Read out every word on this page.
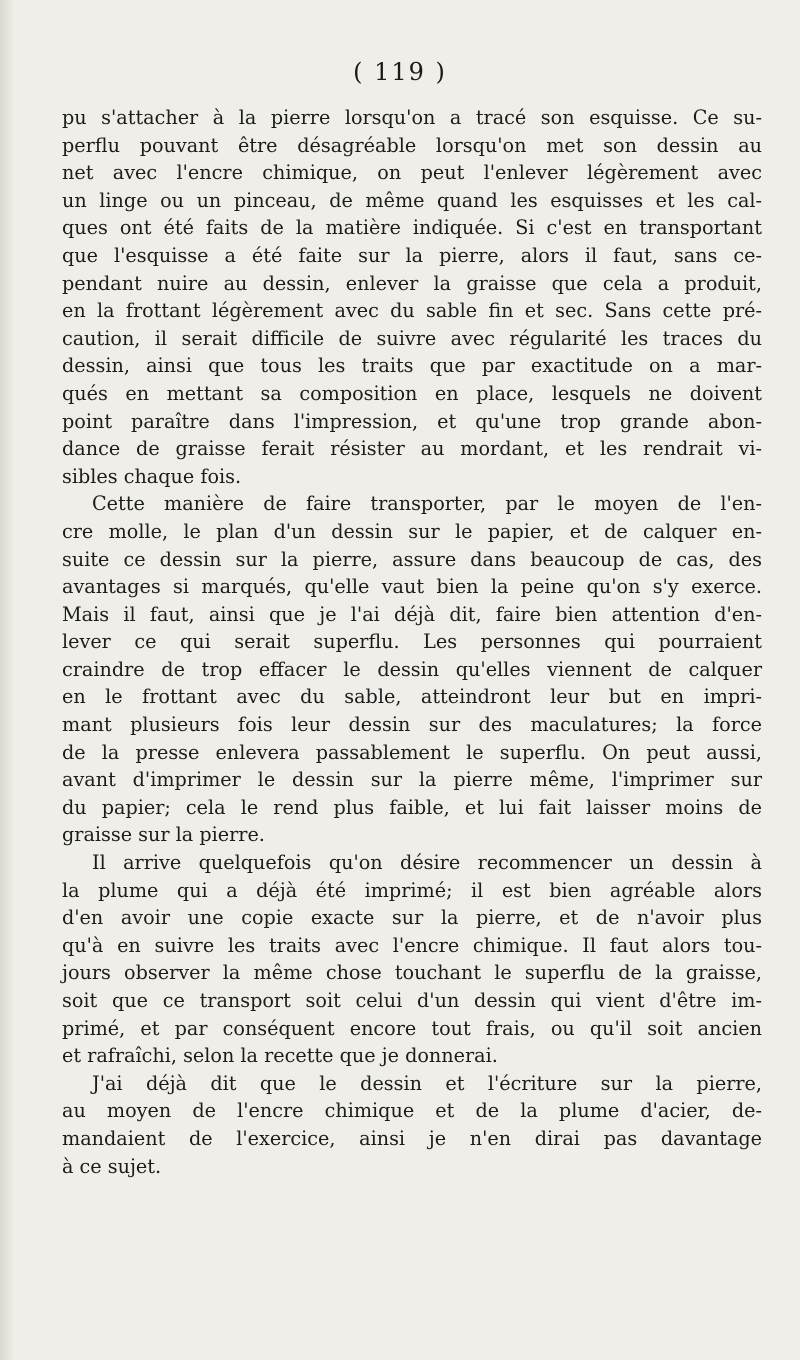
( 119 )
pu s'attacher à la pierre lorsqu'on a tracé son esquisse. Ce su-
perflu pouvant être désagréable lorsqu'on met son dessin au
net avec l'encre chimique, on peut l'enlever légèrement avec
un linge ou un pinceau, de même quand les esquisses et les cal-
ques ont été faits de la matière indiquée. Si c'est en transportant
que l'esquisse a été faite sur la pierre, alors il faut, sans ce-
pendant nuire au dessin, enlever la graisse que cela a produit,
en la frottant légèrement avec du sable fin et sec. Sans cette pré-
caution, il serait difficile de suivre avec régularité les traces du
dessin, ainsi que tous les traits que par exactitude on a mar-
qués en mettant sa composition en place, lesquels ne doivent
point paraître dans l'impression, et qu'une trop grande abon-
dance de graisse ferait résister au mordant, et les rendrait vi-
sibles chaque fois.
Cette manière de faire transporter, par le moyen de l'en-
cre molle, le plan d'un dessin sur le papier, et de calquer en-
suite ce dessin sur la pierre, assure dans beaucoup de cas, des
avantages si marqués, qu'elle vaut bien la peine qu'on s'y exerce.
Mais il faut, ainsi que je l'ai déjà dit, faire bien attention d'en-
lever ce qui serait superflu. Les personnes qui pourraient
craindre de trop effacer le dessin qu'elles viennent de calquer
en le frottant avec du sable, atteindront leur but en impri-
mant plusieurs fois leur dessin sur des maculatures; la force
de la presse enlevera passablement le superflu. On peut aussi,
avant d'imprimer le dessin sur la pierre même, l'imprimer sur
du papier; cela le rend plus faible, et lui fait laisser moins de
graisse sur la pierre.
Il arrive quelquefois qu'on désire recommencer un dessin à
la plume qui a déjà été imprimé; il est bien agréable alors
d'en avoir une copie exacte sur la pierre, et de n'avoir plus
qu'à en suivre les traits avec l'encre chimique. Il faut alors tou-
jours observer la même chose touchant le superflu de la graisse,
soit que ce transport soit celui d'un dessin qui vient d'être im-
primé, et par conséquent encore tout frais, ou qu'il soit ancien
et rafraîchi, selon la recette que je donnerai.
J'ai déjà dit que le dessin et l'écriture sur la pierre,
au moyen de l'encre chimique et de la plume d'acier, de-
mandaient de l'exercice, ainsi je n'en dirai pas davantage
à ce sujet.
